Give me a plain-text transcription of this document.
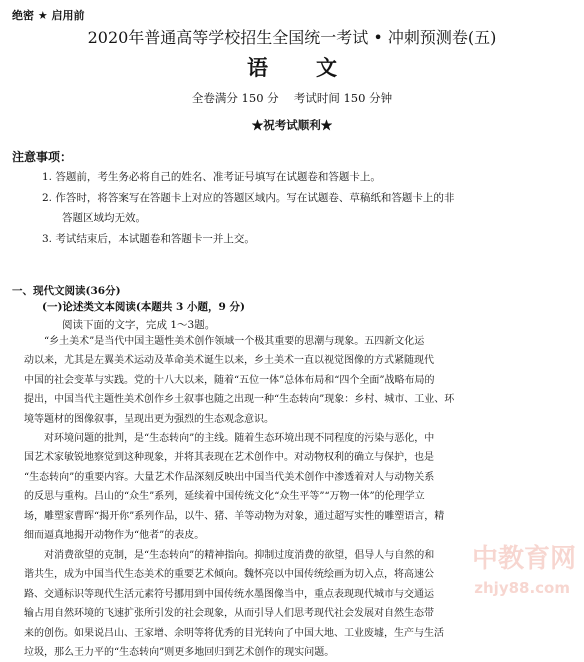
绝密 ★ 启用前
2020年普通高等学校招生全国统一考试 • 冲刺预测卷(五)
语 文
全卷满分 150 分　 考试时间 150 分钟
★祝考试顺利★
注意事项：
1. 答题前，考生务必将自己的姓名、准考证号填写在试题卷和答题卡上。
2. 作答时，将答案写在答题卡上对应的答题区域内。写在试题卷、草稿纸和答题卡上的非
答题区域均无效。
3. 考试结束后，本试题卷和答题卡一并上交。
一、现代文阅读(36分)
(一)论述类文本阅读(本题共 3 小题，9 分)
阅读下面的文字，完成 1～3题。
“乡土美术”是当代中国主题性美术创作领域一个极其重要的思潮与现象。五四新文化运
动以来，尤其是左翼美术运动及革命美术诞生以来，乡土美术一直以视觉图像的方式紧随现代
中国的社会变革与实践。党的十八大以来，随着“五位一体”总体布局和“四个全面”战略布局的
提出，中国当代主题性美术创作乡土叙事也随之出现一种“生态转向”现象：乡村、城市、工业、环
境等题材的图像叙事，呈现出更为强烈的生态观念意识。
对环境问题的批判，是“生态转向”的主线。随着生态环境出现不同程度的污染与恶化，中
国艺术家敏锐地察觉到这种现象，并将其表现在艺术创作中。对动物权利的确立与保护，也是
“生态转向”的重要内容。大量艺术作品深刻反映出中国当代美术创作中渗透着对人与动物关系
的反思与重构。吕山的“众生”系列，延续着中国传统文化“众生平等”“万物一体”的伦理学立
场，雕塑家曹晖“揭开你”系列作品，以牛、猪、羊等动物为对象，通过超写实性的雕塑语言，精
细而逼真地揭开动物作为“他者”的表皮。
对消费欲望的克制，是“生态转向”的精神指向。抑制过度消费的欲望，倡导人与自然的和
谐共生，成为中国当代生态美术的重要艺术倾向。魏怀亮以中国传统绘画为切入点，将高速公
路、交通标识等现代生活元素符号挪用到中国传统水墨图像当中，重点表现现代城市与交通运
输占用自然环境的飞速扩张所引发的社会现象，从而引导人们思考现代社会发展对自然生态带
来的创伤。如果说吕山、王家增、余明等将优秀的目光转向了中国大地、工业废墟，生产与生活
垃圾，那么王力平的“生态转向”则更多地回归到艺术创作的现实问题。
中教育网
zhjy88.com
